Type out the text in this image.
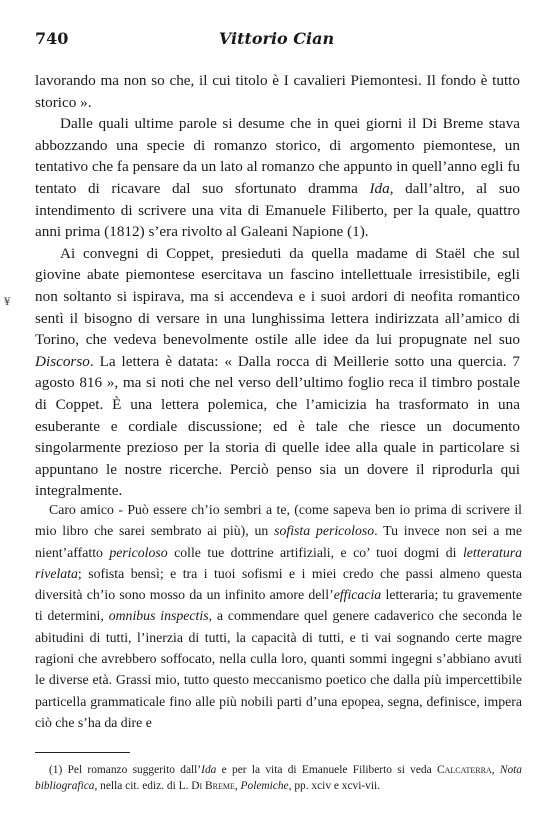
740	Vittorio Cian
¥

lavorando ma non so che, il cui titolo è I cavalieri Piemontesi. Il fondo è tutto storico ».

Dalle quali ultime parole si desume che in quei giorni il Di Breme stava abbozzando una specie di romanzo storico, di argomento piemontese, un tentativo che fa pensare da un lato al romanzo che appunto in quell’anno egli fu tentato di ricavare dal suo sfortunato dramma Ida, dall’altro, al suo intendimento di scrivere una vita di Emanuele Filiberto, per la quale, quattro anni prima (1812) s’era rivolto al Galeani Napione (1).

Ai convegni di Coppet, presieduti da quella madame di Staël che sul giovine abate piemontese esercitava un fascino intellettuale irresistibile, egli non soltanto si ispirava, ma si accendeva e i suoi ardori di neofita romantico sentì il bisogno di versare in una lunghissima lettera indirizzata all’amico di Torino, che vedeva benevolmente ostile alle idee da lui propugnate nel suo Discorso. La lettera è datata: « Dalla rocca di Meillerie sotto una quercia. 7 agosto 816 », ma si noti che nel verso dell’ultimo foglio reca il timbro postale di Coppet. È una lettera polemica, che l’amicizia ha trasformato in una esuberante e cordiale discussione; ed è tale che riesce un documento singolarmente prezioso per la storia di quelle idee alla quale in particolare si appuntano le nostre ricerche. Perciò penso sia un dovere il riprodurla qui integralmente.

Caro amico - Può essere ch’io sembri a te, (come sapeva ben io prima di scrivere il mio libro che sarei sembrato ai più), un sofista pericoloso. Tu invece non sei a me nient’affatto pericoloso colle tue dottrine artifiziali, e co’ tuoi dogmi di letteratura rivelata; sofista bensì; e tra i tuoi sofismi e i miei credo che passi almeno questa diversità ch’io sono mosso da un infinito amore dell’efficacia letteraria; tu gravemente ti determini, omnibus inspectis, a commendare quel genere cadaverico che seconda le abitudini di tutti, l’inerzia di tutti, la capacità di tutti, e ti vai sognando certe magre ragioni che avrebbero soffocato, nella culla loro, quanti sommi ingegni s’abbiano avuti le diverse età. Grassi mio, tutto questo meccanismo poetico che dalla più impercettibile particella grammaticale fino alle più nobili parti d’una epopea, segna, definisce, impera ciò che s’ha da dire e

(1) Pel romanzo suggerito dall’Ida e per la vita di Emanuele Filiberto si veda Calcaterra, Nota bibliografica, nella cit. ediz. di L. Di Breme, Polemiche, pp. xciv e xcvi-vii.
